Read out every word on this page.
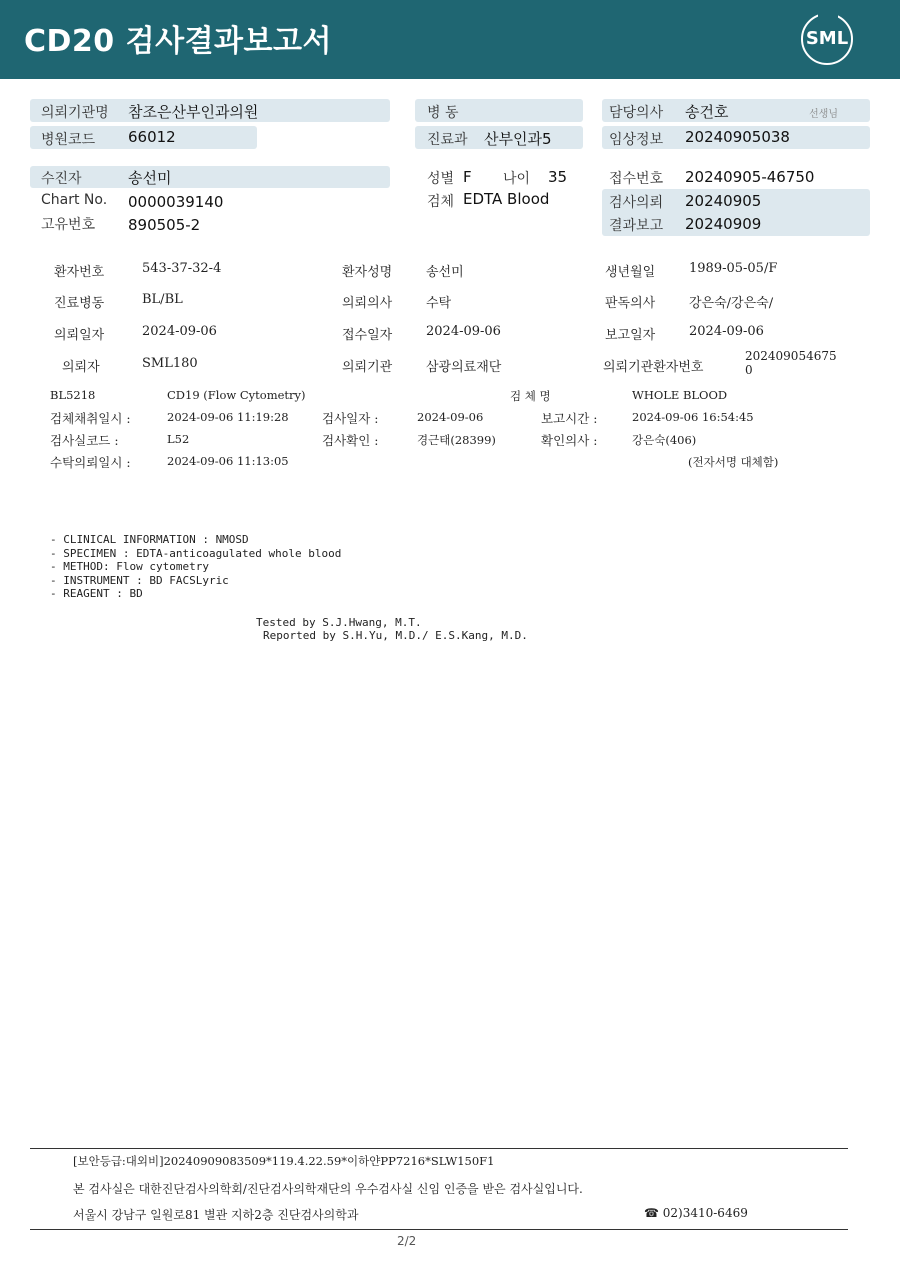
CD20 검사결과보고서	SML
의뢰기관명 참조은산부인과의원
병원코드 66012
병 동
진료과 산부인과5
담당의사 송건호	선생님
임상정보 20240905038
수진자	송선미
Chart No. 0000039140
고유번호 890505-2
성별 F 나이 35
검체 EDTA Blood
접수번호 20240905-46750
검사의뢰 20240905
결과보고 20240909
환자번호	543-37-32-4	환자성명	송선미	생년월일	1989-05-05/F
진료병동	BL/BL	의뢰의사	수탁	판독의사	강은숙/강은숙/
의뢰일자	2024-09-06	접수일자	2024-09-06	보고일자	2024-09-06
의뢰자	SML180	의뢰기관	삼광의료재단	의뢰기관환자번호
202409054675
0
BL5218	CD19 (Flow Cytometry)	검 체 명	WHOLE BLOOD
검체채취일시 :	2024-09-06 11:19:28	검사일자 :	2024-09-06	보고시간 :	2024-09-06 16:54:45
검사실코드 :	L52	검사확인 :	경근태(28399)	확인의사 :	강은숙(406)
수탁의뢰일시 :	2024-09-06 11:13:05	(전자서명 대체함)
- CLINICAL INFORMATION : NMOSD
- SPECIMEN : EDTA-anticoagulated whole blood
- METHOD: Flow cytometry
- INSTRUMENT : BD FACSLyric
- REAGENT : BD
Tested by S.J.Hwang, M.T.
Reported by S.H.Yu, M.D./ E.S.Kang, M.D.
[보안등급:대외비]20240909083509*119.4.22.59*이하얀PP7216*SLW150F1
본 검사실은 대한진단검사의학회/진단검사의학재단의 우수검사실 신임 인증을 받은 검사실입니다.
서울시 강남구 일원로81 별관 지하2층 진단검사의학과	☎ 02)3410-6469
2/2
